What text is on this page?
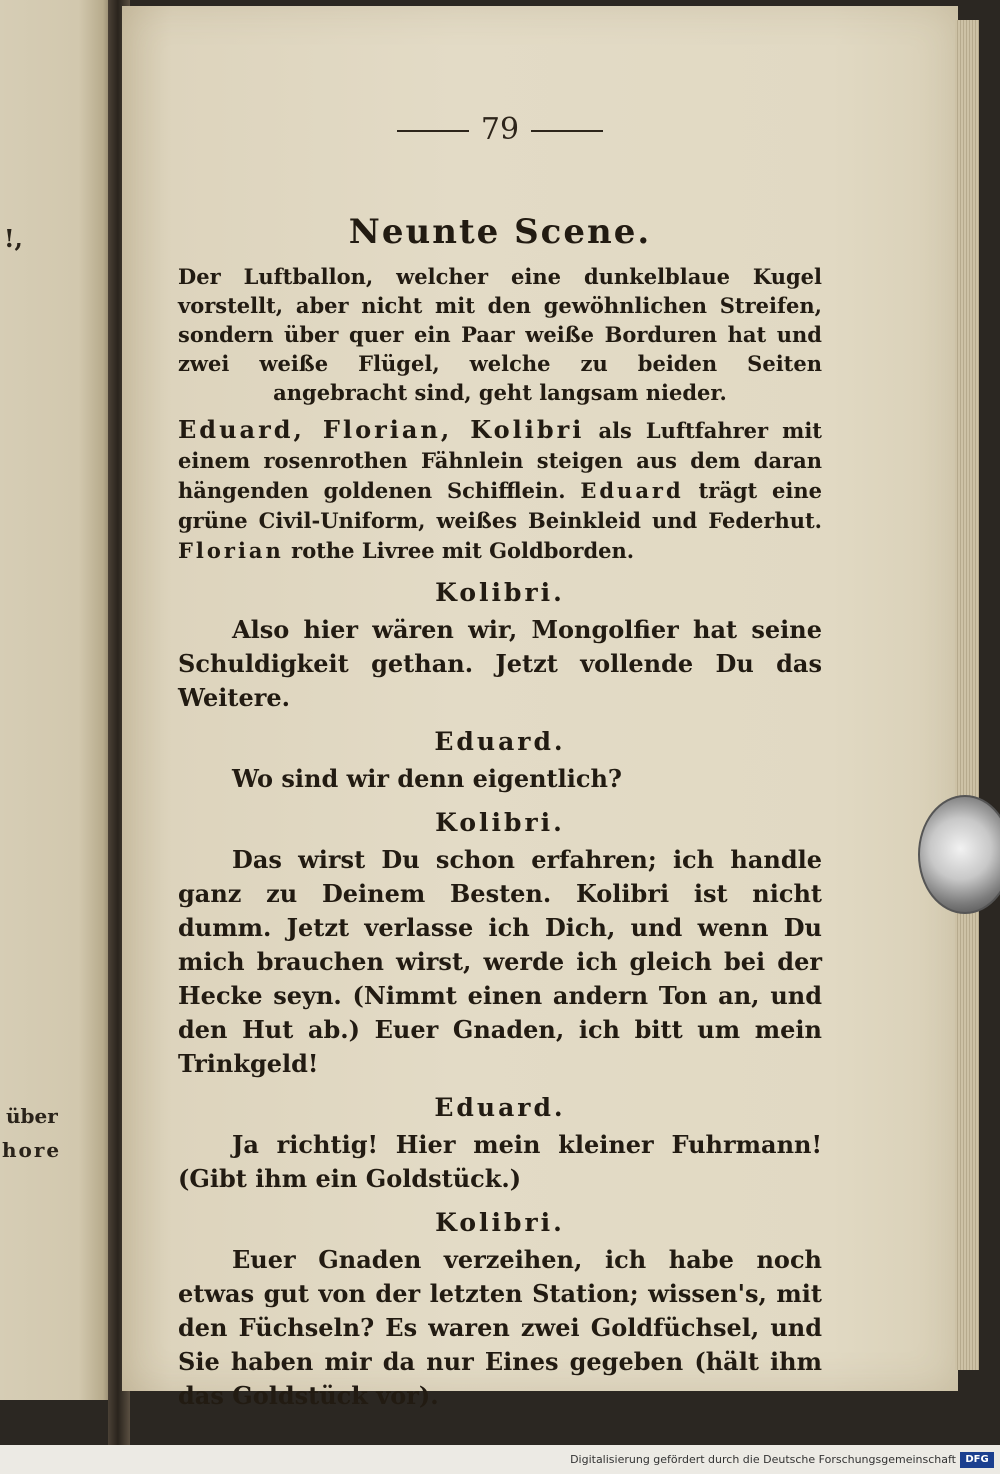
!,
über
hore
79
Neunte Scene.

Der Luftballon, welcher eine dunkelblaue Kugel vorstellt, aber nicht mit den gewöhnlichen Streifen, sondern über quer ein Paar weiße Borduren hat und zwei weiße Flügel, welche zu beiden Seiten angebracht sind, geht langsam nieder.

Eduard, Florian, Kolibri als Luftfahrer mit einem rosenrothen Fähnlein steigen aus dem daran hängenden goldenen Schifflein. Eduard trägt eine grüne Civil-Uniform, weißes Beinkleid und Federhut. Florian rothe Livree mit Goldborden.

Kolibri.

Also hier wären wir, Mongolfier hat seine Schuldigkeit gethan. Jetzt vollende Du das Weitere.

Eduard.

Wo sind wir denn eigentlich?

Kolibri.

Das wirst Du schon erfahren; ich handle ganz zu Deinem Besten. Kolibri ist nicht dumm. Jetzt verlasse ich Dich, und wenn Du mich brauchen wirst, werde ich gleich bei der Hecke seyn. (Nimmt einen andern Ton an, und den Hut ab.) Euer Gnaden, ich bitt um mein Trinkgeld!

Eduard.

Ja richtig! Hier mein kleiner Fuhrmann! (Gibt ihm ein Goldstück.)

Kolibri.

Euer Gnaden verzeihen, ich habe noch etwas gut von der letzten Station; wissen's, mit den Füchseln? Es waren zwei Goldfüchsel, und Sie haben mir da nur Eines gegeben (hält ihm das Goldstück vor).

Digitalisierung gefördert durch die Deutsche Forschungsgemeinschaft DFG
